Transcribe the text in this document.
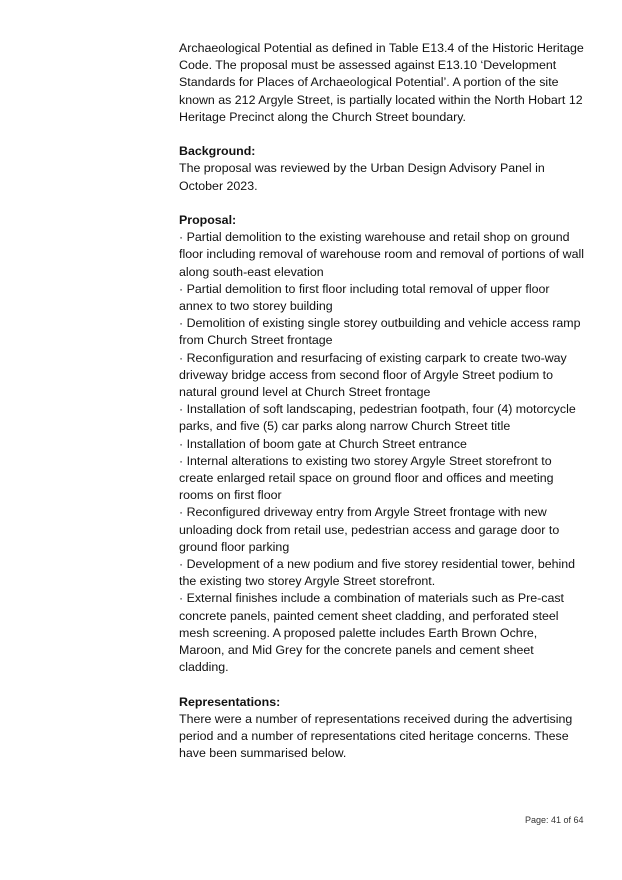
Archaeological Potential as defined in Table E13.4 of the Historic Heritage Code. The proposal must be assessed against E13.10 ‘Development Standards for Places of Archaeological Potential’. A portion of the site known as 212 Argyle Street, is partially located within the North Hobart 12 Heritage Precinct along the Church Street boundary.

Background:

The proposal was reviewed by the Urban Design Advisory Panel in October 2023.

Proposal:

· Partial demolition to the existing warehouse and retail shop on ground floor including removal of warehouse room and removal of portions of wall along south-east elevation

· Partial demolition to first floor including total removal of upper floor annex to two storey building

· Demolition of existing single storey outbuilding and vehicle access ramp from Church Street frontage

· Reconfiguration and resurfacing of existing carpark to create two-way driveway bridge access from second floor of Argyle Street podium to natural ground level at Church Street frontage

· Installation of soft landscaping, pedestrian footpath, four (4) motorcycle parks, and five (5) car parks along narrow Church Street title

· Installation of boom gate at Church Street entrance

· Internal alterations to existing two storey Argyle Street storefront to create enlarged retail space on ground floor and offices and meeting rooms on first floor

· Reconfigured driveway entry from Argyle Street frontage with new unloading dock from retail use, pedestrian access and garage door to ground floor parking

· Development of a new podium and five storey residential tower, behind the existing two storey Argyle Street storefront.

· External finishes include a combination of materials such as Pre-cast concrete panels, painted cement sheet cladding, and perforated steel mesh screening. A proposed palette includes Earth Brown Ochre, Maroon, and Mid Grey for the concrete panels and cement sheet cladding.

Representations:

There were a number of representations received during the advertising period and a number of representations cited heritage concerns. These have been summarised below.

Page: 41 of 64
